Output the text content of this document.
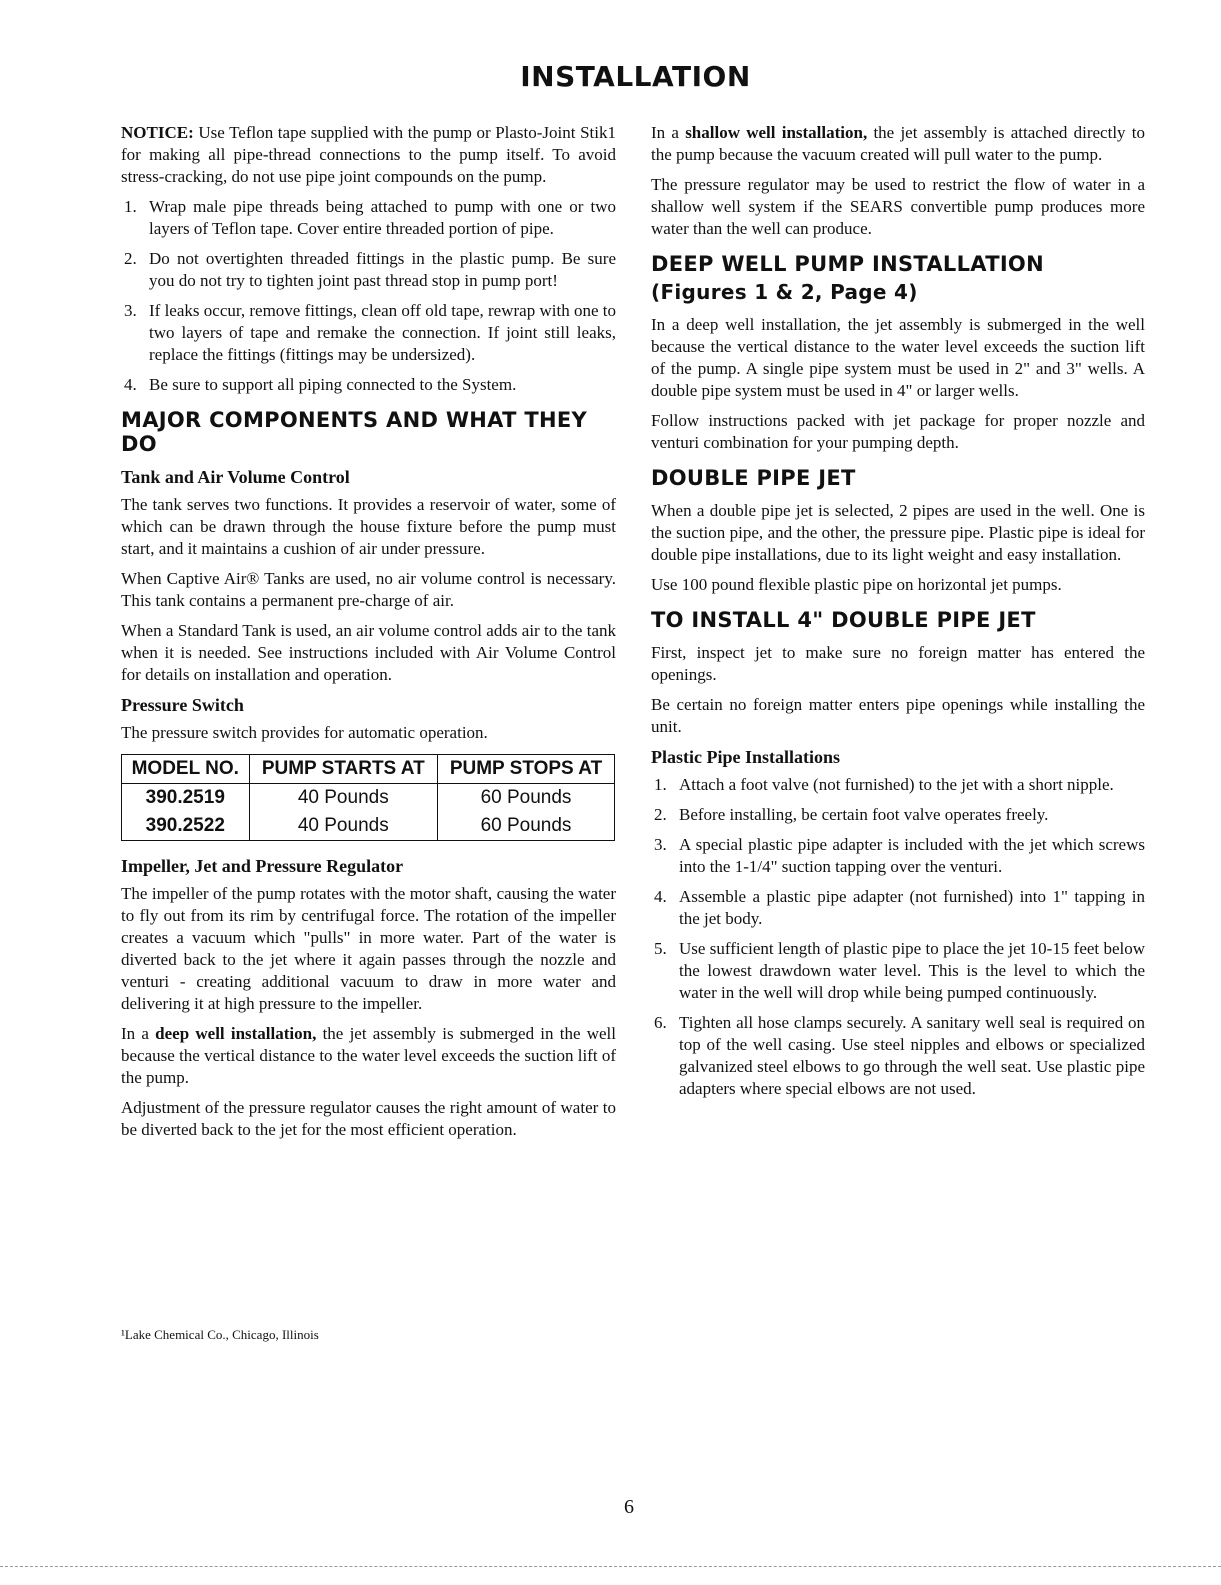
INSTALLATION

NOTICE: Use Teflon tape supplied with the pump or Plasto-Joint Stik1 for making all pipe-thread connections to the pump itself. To avoid stress-cracking, do not use pipe joint compounds on the pump.

1. Wrap male pipe threads being attached to pump with one or two layers of Teflon tape. Cover entire threaded portion of pipe.
2. Do not overtighten threaded fittings in the plastic pump. Be sure you do not try to tighten joint past thread stop in pump port!
3. If leaks occur, remove fittings, clean off old tape, rewrap with one to two layers of tape and remake the connection. If joint still leaks, replace the fittings (fittings may be undersized).
4. Be sure to support all piping connected to the System.
MAJOR COMPONENTS AND WHAT THEY DO
Tank and Air Volume Control

The tank serves two functions. It provides a reservoir of water, some of which can be drawn through the house fixture before the pump must start, and it maintains a cushion of air under pressure.

When Captive Air® Tanks are used, no air volume control is necessary. This tank contains a permanent pre-charge of air.

When a Standard Tank is used, an air volume control adds air to the tank when it is needed. See instructions included with Air Volume Control for details on installation and operation.

Pressure Switch

The pressure switch provides for automatic operation.

MODEL NO.	PUMP STARTS AT	PUMP STOPS AT
390.2519	40 Pounds	60 Pounds
390.2522	40 Pounds	60 Pounds
Impeller, Jet and Pressure Regulator

The impeller of the pump rotates with the motor shaft, causing the water to fly out from its rim by centrifugal force. The rotation of the impeller creates a vacuum which "pulls" in more water. Part of the water is diverted back to the jet where it again passes through the nozzle and venturi - creating additional vacuum to draw in more water and delivering it at high pressure to the impeller.

In a deep well installation, the jet assembly is submerged in the well because the vertical distance to the water level exceeds the suction lift of the pump.

Adjustment of the pressure regulator causes the right amount of water to be diverted back to the jet for the most efficient operation.

In a shallow well installation, the jet assembly is attached directly to the pump because the vacuum created will pull water to the pump.

The pressure regulator may be used to restrict the flow of water in a shallow well system if the SEARS convertible pump produces more water than the well can produce.

DEEP WELL PUMP INSTALLATION
(Figures 1 & 2, Page 4)

In a deep well installation, the jet assembly is submerged in the well because the vertical distance to the water level exceeds the suction lift of the pump. A single pipe system must be used in 2" and 3" wells. A double pipe system must be used in 4" or larger wells.

Follow instructions packed with jet package for proper nozzle and venturi combination for your pumping depth.

DOUBLE PIPE JET

When a double pipe jet is selected, 2 pipes are used in the well. One is the suction pipe, and the other, the pressure pipe. Plastic pipe is ideal for double pipe installations, due to its light weight and easy installation.

Use 100 pound flexible plastic pipe on horizontal jet pumps.

TO INSTALL 4" DOUBLE PIPE JET

First, inspect jet to make sure no foreign matter has entered the openings.

Be certain no foreign matter enters pipe openings while installing the unit.

Plastic Pipe Installations
1. Attach a foot valve (not furnished) to the jet with a short nipple.
2. Before installing, be certain foot valve operates freely.
3. A special plastic pipe adapter is included with the jet which screws into the 1-1/4" suction tapping over the venturi.
4. Assemble a plastic pipe adapter (not furnished) into 1" tapping in the jet body.
5. Use sufficient length of plastic pipe to place the jet 10-15 feet below the lowest drawdown water level. This is the level to which the water in the well will drop while being pumped continuously.
6. Tighten all hose clamps securely. A sanitary well seal is required on top of the well casing. Use steel nipples and elbows or specialized galvanized steel elbows to go through the well seat. Use plastic pipe adapters where special elbows are not used.
¹Lake Chemical Co., Chicago, Illinois
6
